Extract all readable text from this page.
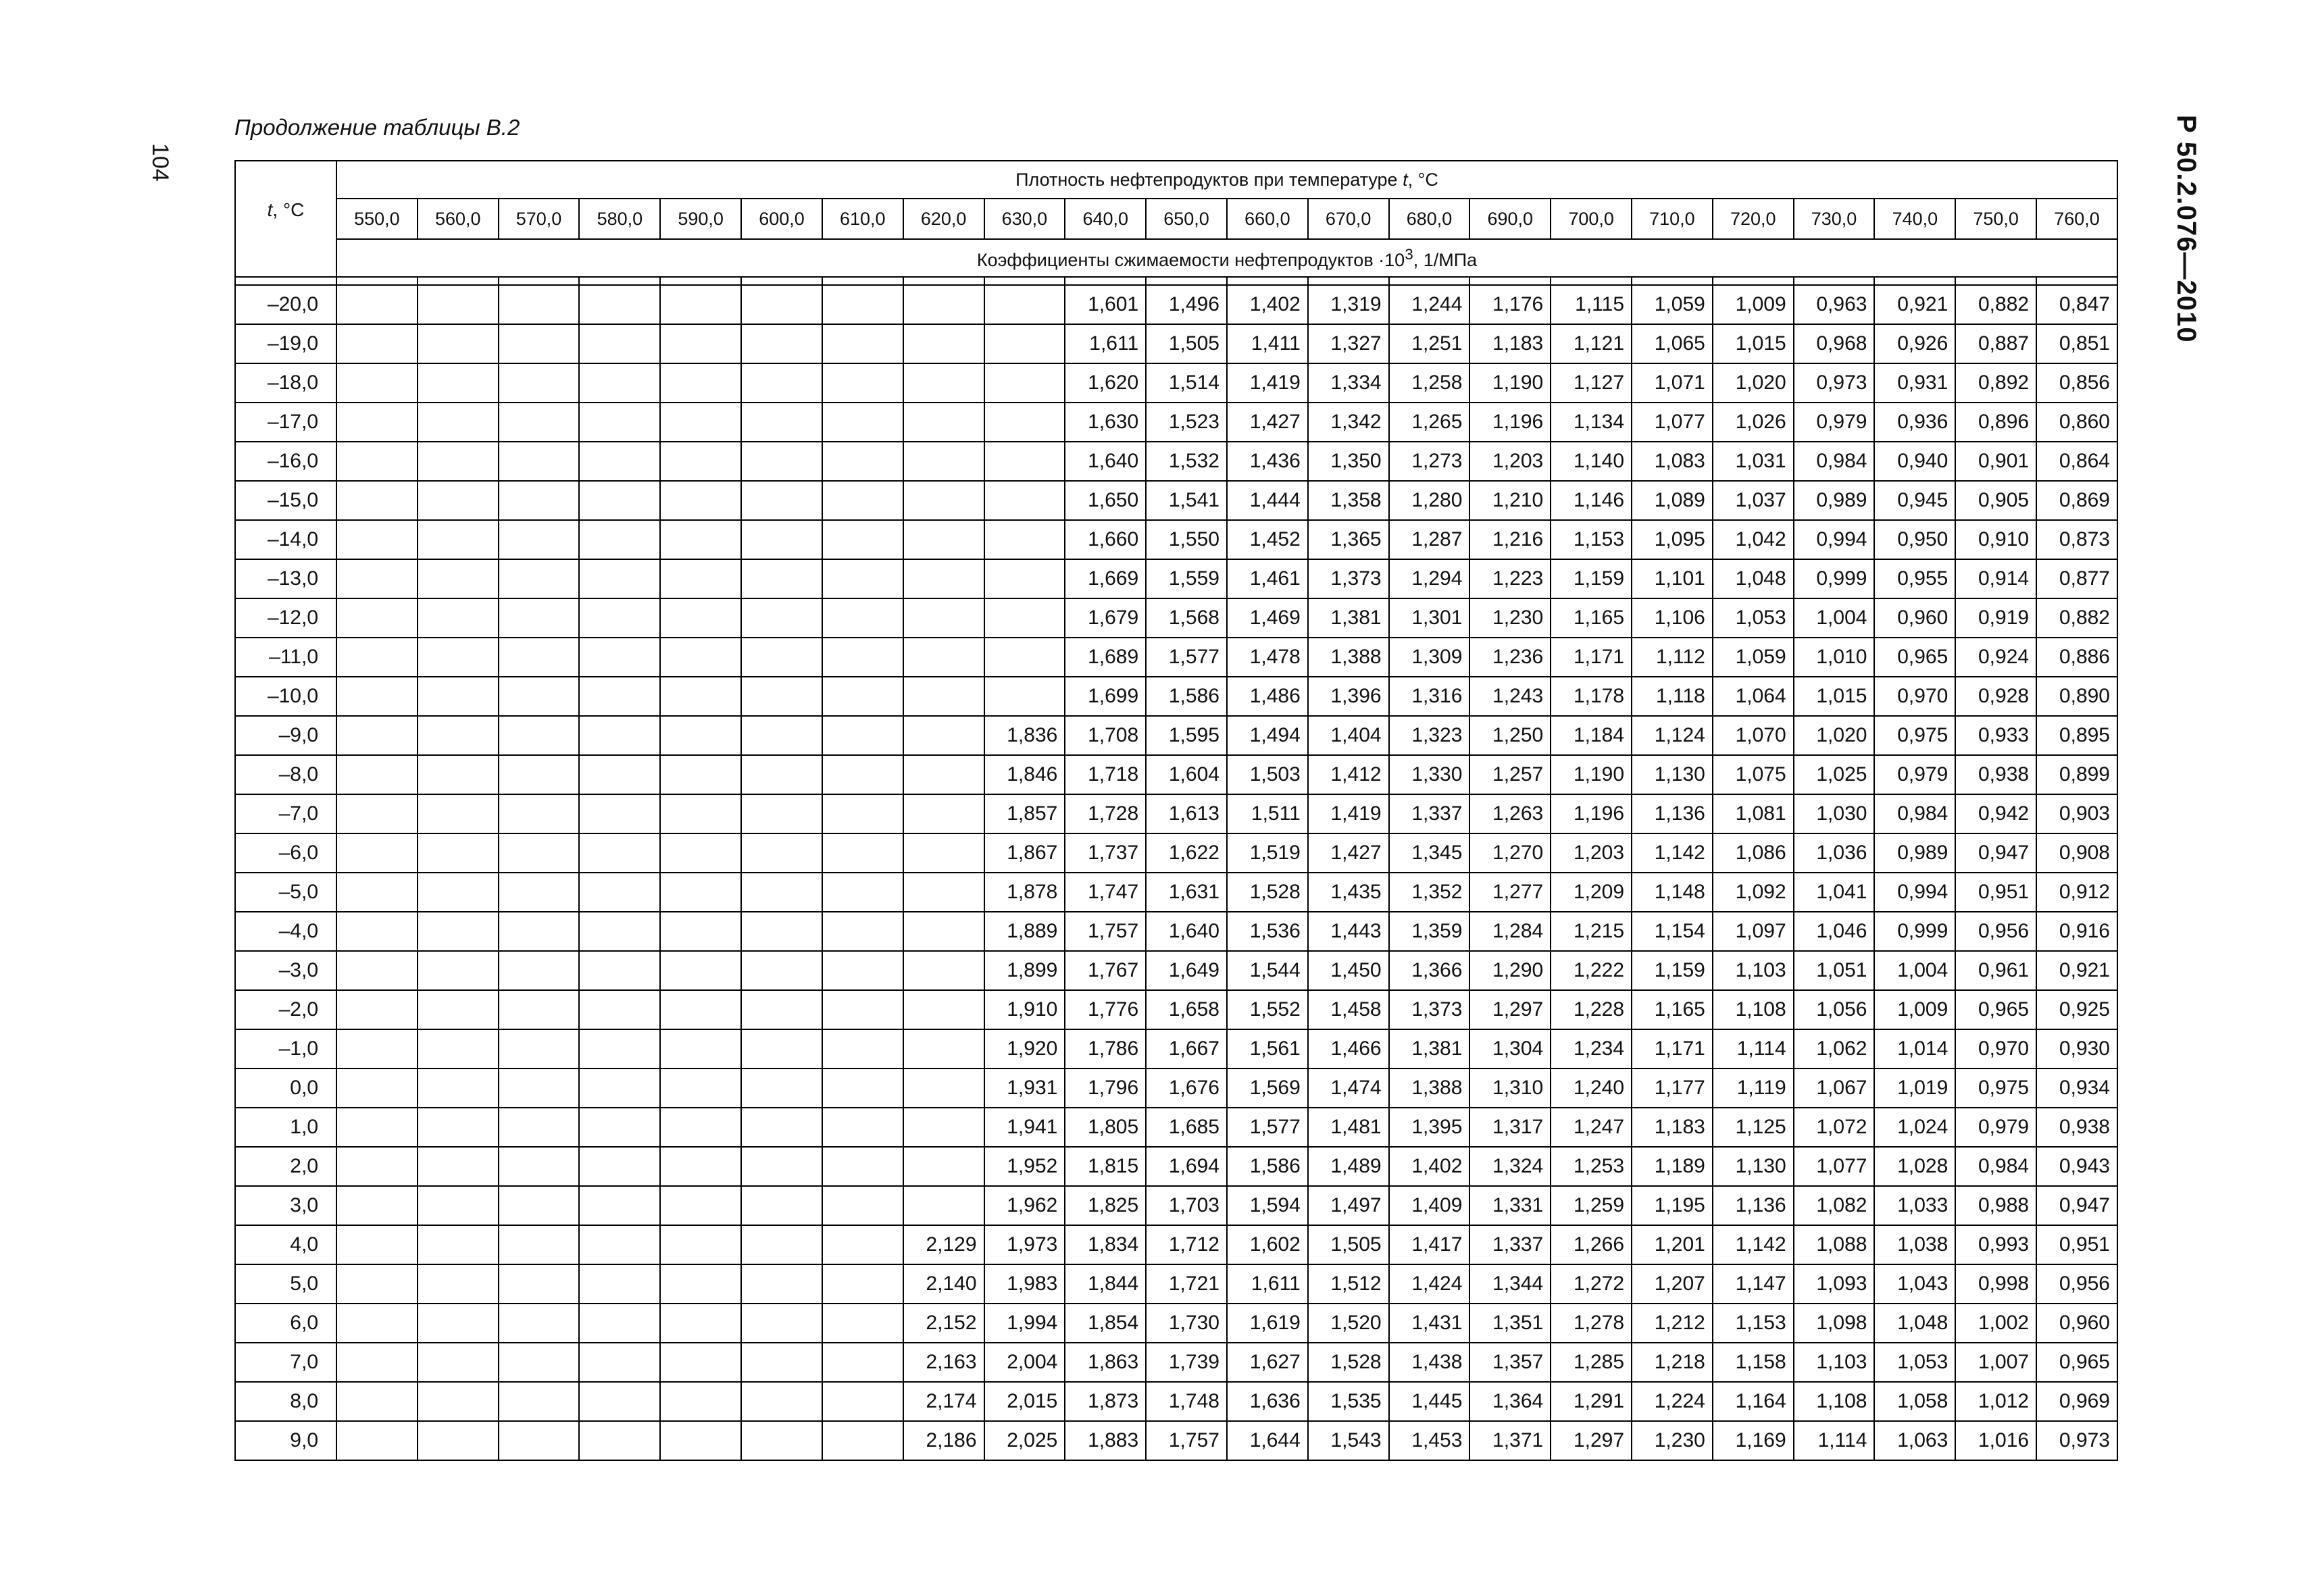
104
Продолжение таблицы В.2	Р 50.2.076—2010
t, °C	Плотность нефтепродуктов при температуре t, °C																					
	550,0	560,0	570,0	580,0	590,0	600,0	610,0	620,0	630,0	640,0	650,0	660,0	670,0	680,0	690,0	700,0	710,0	720,0	730,0	740,0	750,0	760,0
	Коэффициенты сжимаемости нефтепродуктов $\cdot 10^3$, 1/МПа																					

–20,0										1,601	1,496	1,402	1,319	1,244	1,176	1,115	1,059	1,009	0,963	0,921	0,882	0,847
–19,0										1,611	1,505	1,411	1,327	1,251	1,183	1,121	1,065	1,015	0,968	0,926	0,887	0,851
–18,0										1,620	1,514	1,419	1,334	1,258	1,190	1,127	1,071	1,020	0,973	0,931	0,892	0,856
–17,0										1,630	1,523	1,427	1,342	1,265	1,196	1,134	1,077	1,026	0,979	0,936	0,896	0,860
–16,0										1,640	1,532	1,436	1,350	1,273	1,203	1,140	1,083	1,031	0,984	0,940	0,901	0,864
–15,0										1,650	1,541	1,444	1,358	1,280	1,210	1,146	1,089	1,037	0,989	0,945	0,905	0,869
–14,0										1,660	1,550	1,452	1,365	1,287	1,216	1,153	1,095	1,042	0,994	0,950	0,910	0,873
–13,0										1,669	1,559	1,461	1,373	1,294	1,223	1,159	1,101	1,048	0,999	0,955	0,914	0,877
–12,0										1,679	1,568	1,469	1,381	1,301	1,230	1,165	1,106	1,053	1,004	0,960	0,919	0,882
–11,0										1,689	1,577	1,478	1,388	1,309	1,236	1,171	1,112	1,059	1,010	0,965	0,924	0,886
–10,0										1,699	1,586	1,486	1,396	1,316	1,243	1,178	1,118	1,064	1,015	0,970	0,928	0,890
–9,0									1,836	1,708	1,595	1,494	1,404	1,323	1,250	1,184	1,124	1,070	1,020	0,975	0,933	0,895
–8,0									1,846	1,718	1,604	1,503	1,412	1,330	1,257	1,190	1,130	1,075	1,025	0,979	0,938	0,899
–7,0									1,857	1,728	1,613	1,511	1,419	1,337	1,263	1,196	1,136	1,081	1,030	0,984	0,942	0,903
–6,0									1,867	1,737	1,622	1,519	1,427	1,345	1,270	1,203	1,142	1,086	1,036	0,989	0,947	0,908
–5,0									1,878	1,747	1,631	1,528	1,435	1,352	1,277	1,209	1,148	1,092	1,041	0,994	0,951	0,912
–4,0									1,889	1,757	1,640	1,536	1,443	1,359	1,284	1,215	1,154	1,097	1,046	0,999	0,956	0,916
–3,0									1,899	1,767	1,649	1,544	1,450	1,366	1,290	1,222	1,159	1,103	1,051	1,004	0,961	0,921
–2,0									1,910	1,776	1,658	1,552	1,458	1,373	1,297	1,228	1,165	1,108	1,056	1,009	0,965	0,925
–1,0									1,920	1,786	1,667	1,561	1,466	1,381	1,304	1,234	1,171	1,114	1,062	1,014	0,970	0,930
0,0									1,931	1,796	1,676	1,569	1,474	1,388	1,310	1,240	1,177	1,119	1,067	1,019	0,975	0,934
1,0									1,941	1,805	1,685	1,577	1,481	1,395	1,317	1,247	1,183	1,125	1,072	1,024	0,979	0,938
2,0									1,952	1,815	1,694	1,586	1,489	1,402	1,324	1,253	1,189	1,130	1,077	1,028	0,984	0,943
3,0									1,962	1,825	1,703	1,594	1,497	1,409	1,331	1,259	1,195	1,136	1,082	1,033	0,988	0,947
4,0								2,129	1,973	1,834	1,712	1,602	1,505	1,417	1,337	1,266	1,201	1,142	1,088	1,038	0,993	0,951
5,0								2,140	1,983	1,844	1,721	1,611	1,512	1,424	1,344	1,272	1,207	1,147	1,093	1,043	0,998	0,956
6,0								2,152	1,994	1,854	1,730	1,619	1,520	1,431	1,351	1,278	1,212	1,153	1,098	1,048	1,002	0,960
7,0								2,163	2,004	1,863	1,739	1,627	1,528	1,438	1,357	1,285	1,218	1,158	1,103	1,053	1,007	0,965
8,0								2,174	2,015	1,873	1,748	1,636	1,535	1,445	1,364	1,291	1,224	1,164	1,108	1,058	1,012	0,969
9,0								2,186	2,025	1,883	1,757	1,644	1,543	1,453	1,371	1,297	1,230	1,169	1,114	1,063	1,016	0,973
